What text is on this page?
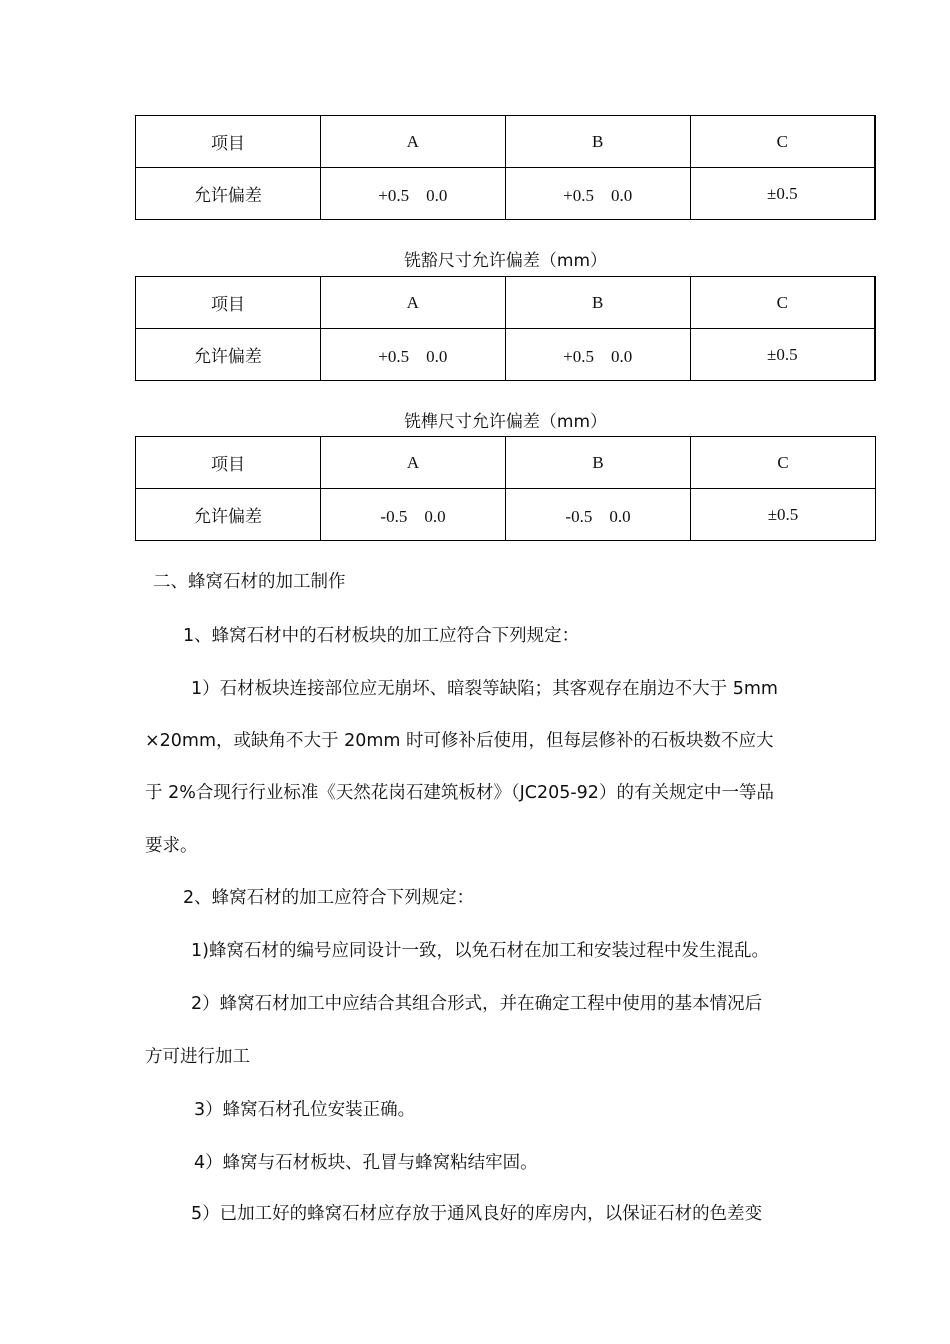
项目	A	B	C
允许偏差	+0.5　0.0	+0.5　0.0	±0.5
铣豁尺寸允许偏差（mm）
项目	A	B	C
允许偏差	+0.5　0.0	+0.5　0.0	±0.5
铣榫尺寸允许偏差（mm）
项目	A	B	C
允许偏差	-0.5　0.0	-0.5　0.0	±0.5
二、蜂窝石材的加工制作
1、蜂窝石材中的石材板块的加工应符合下列规定：
1）石材板块连接部位应无崩坏、暗裂等缺陷；其客观存在崩边不大于 5mm
×20mm，或缺角不大于 20mm 时可修补后使用，但每层修补的石板块数不应大
于 2%合现行行业标准《天然花岗石建筑板材》（JC205-92）的有关规定中一等品
要求。
2、蜂窝石材的加工应符合下列规定：
1)蜂窝石材的编号应同设计一致，以免石材在加工和安装过程中发生混乱。
2）蜂窝石材加工中应结合其组合形式，并在确定工程中使用的基本情况后
方可进行加工
3）蜂窝石材孔位安装正确。
4）蜂窝与石材板块、孔冒与蜂窝粘结牢固。
5）已加工好的蜂窝石材应存放于通风良好的库房内，以保证石材的色差变
